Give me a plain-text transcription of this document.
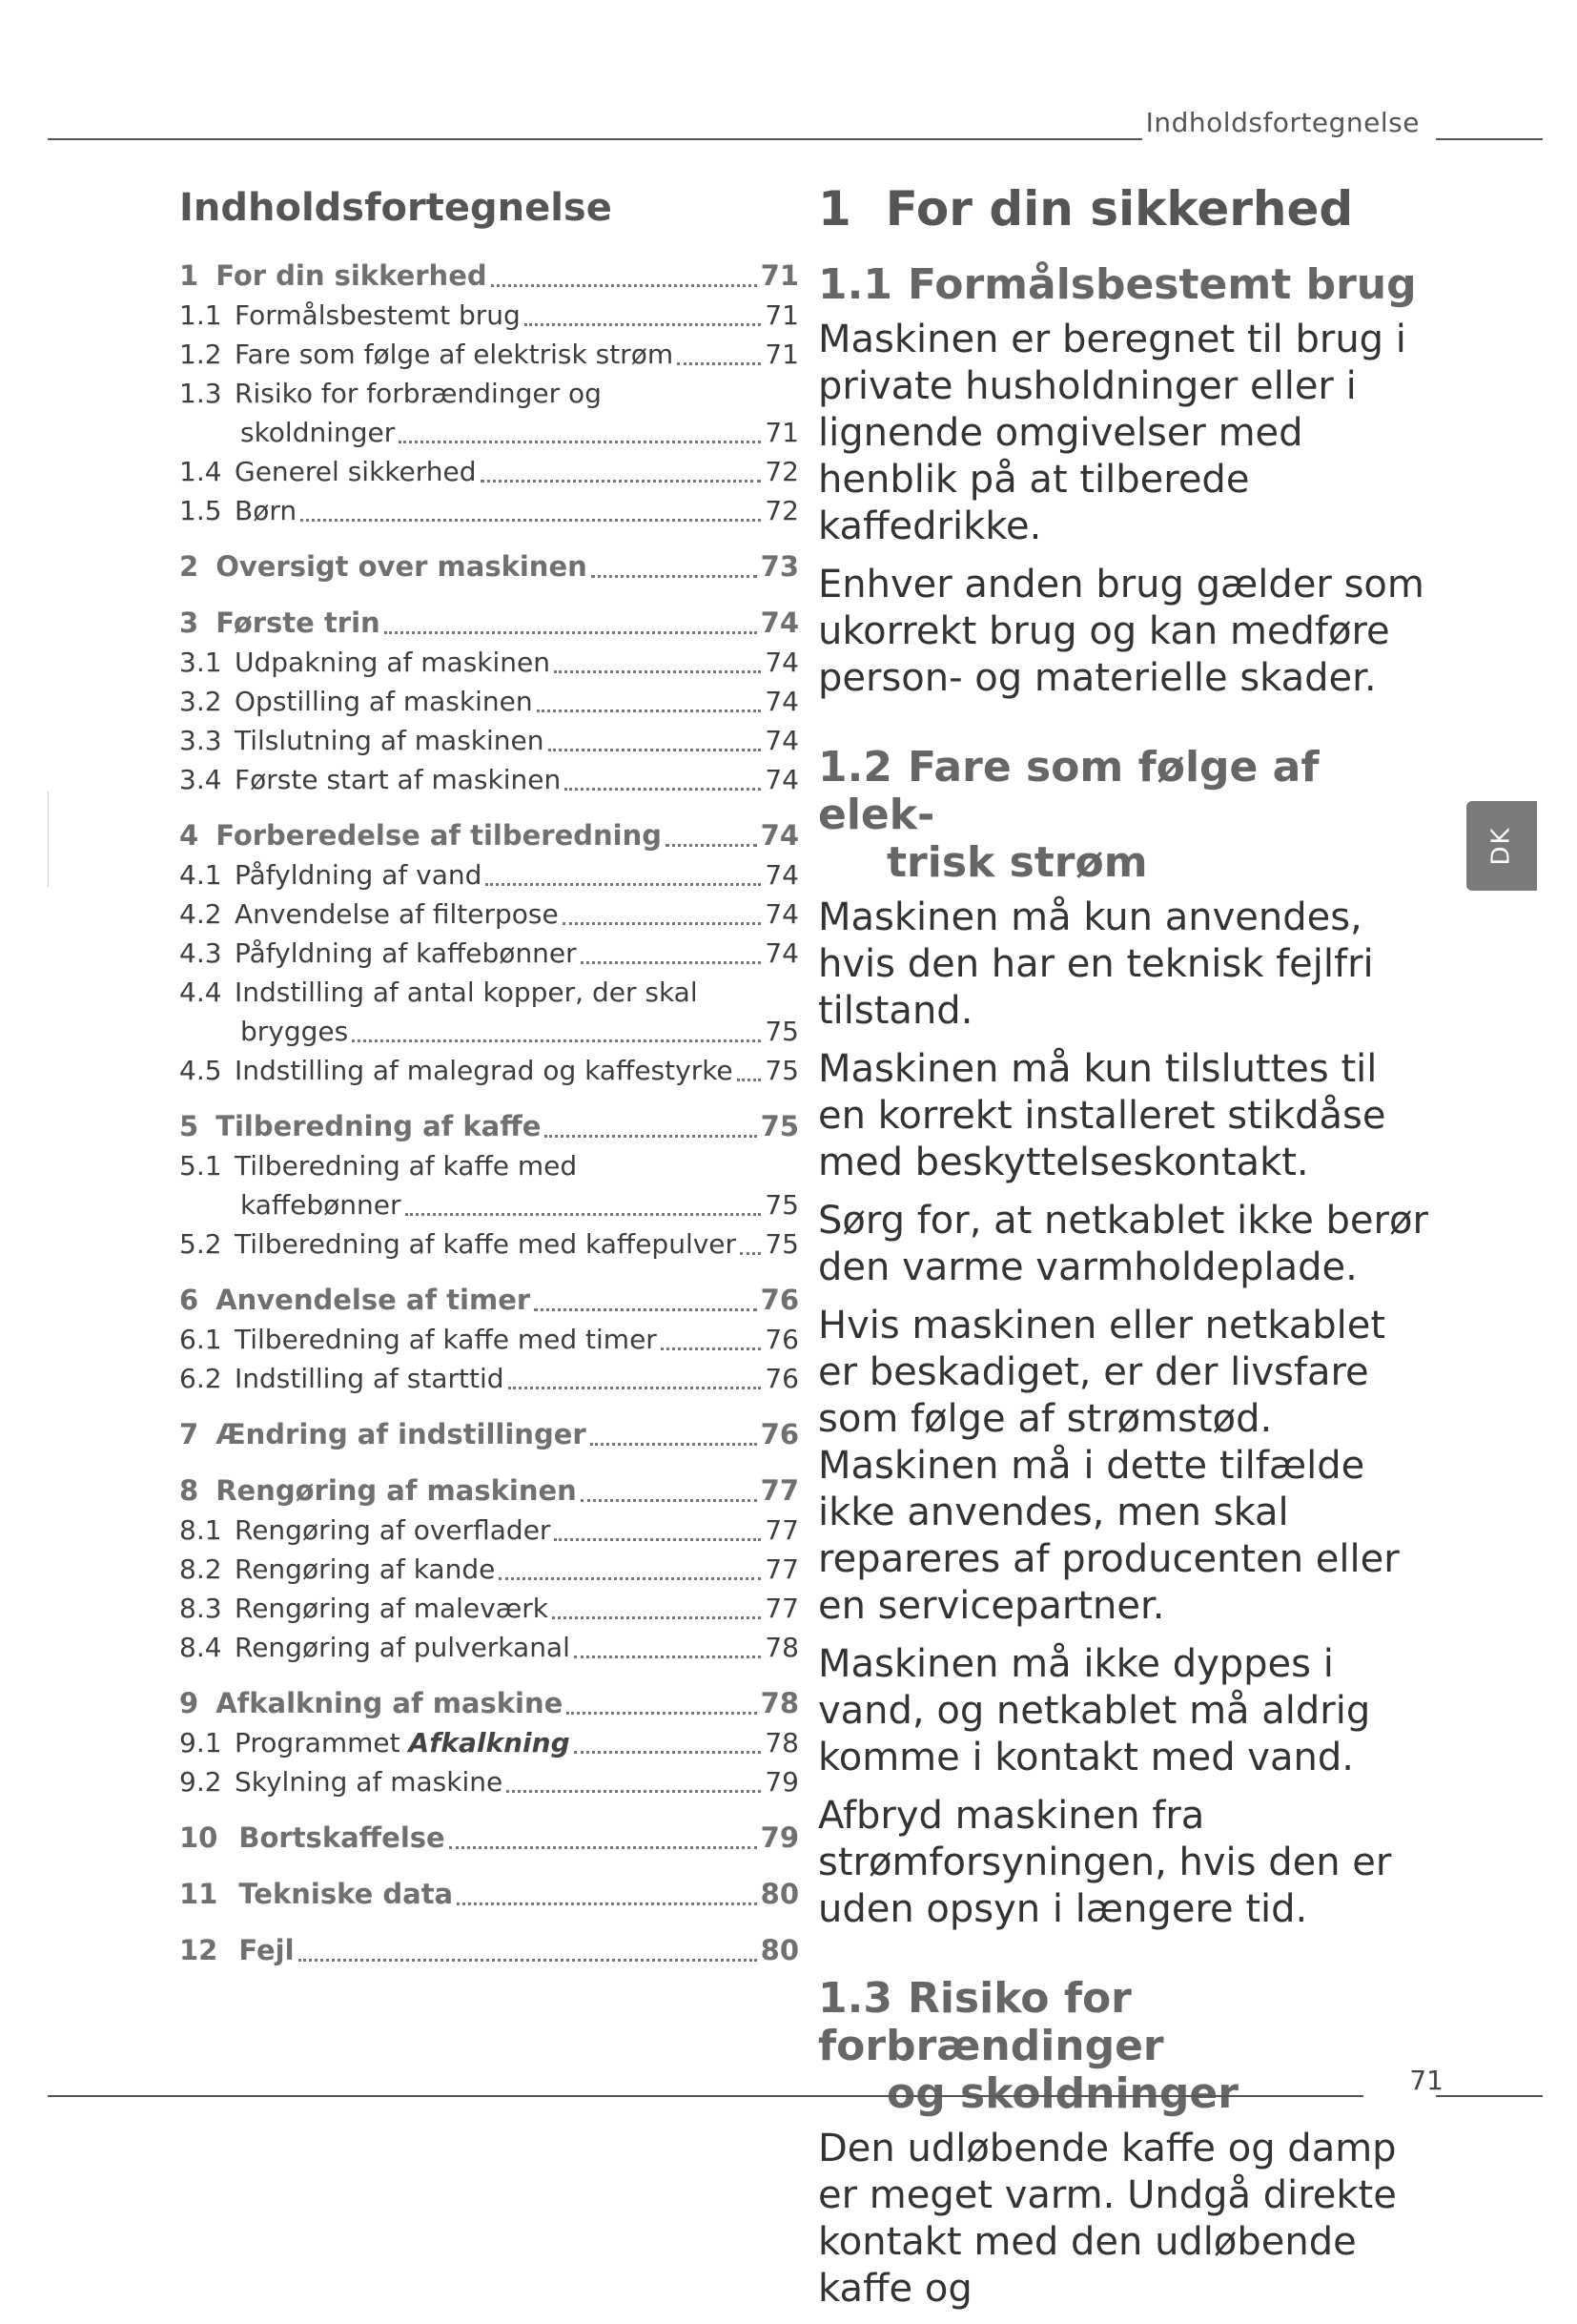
Indholdsfortegnelse
DK
Indholdsfortegnelse
1 For din sikkerhed	71
1.1 Formålsbestemt brug	71
1.2 Fare som følge af elektrisk strøm	71
1.3 Risiko for forbrændinger og
skoldninger	71
1.4 Generel sikkerhed	72
1.5 Børn	72
2 Oversigt over maskinen	73
3 Første trin	74
3.1 Udpakning af maskinen	74
3.2 Opstilling af maskinen	74
3.3 Tilslutning af maskinen	74
3.4 Første start af maskinen	74
4 Forberedelse af tilberedning	74
4.1 Påfyldning af vand	74
4.2 Anvendelse af filterpose	74
4.3 Påfyldning af kaffebønner	74
4.4 Indstilling af antal kopper, der skal
brygges	75
4.5 Indstilling af malegrad og kaffestyrke 75
5 Tilberedning af kaffe	75
5.1 Tilberedning af kaffe med
kaffebønner	75
5.2 Tilberedning af kaffe med kaffepulver 75
6 Anvendelse af timer	76
6.1 Tilberedning af kaffe med timer	76
6.2 Indstilling af starttid	76
7 Ændring af indstillinger	76
8 Rengøring af maskinen	77
8.1 Rengøring af overflader	77
8.2 Rengøring af kande	77
8.3 Rengøring af maleværk	77
8.4 Rengøring af pulverkanal	78
9 Afkalkning af maskine	78
9.1 Programmet Afkalkning	78
9.2 Skylning af maskine	79
10 Bortskaffelse	79
11 Tekniske data	80
12 Fejl	80
1 For din sikkerhed
1.1 Formålsbestemt brug

Maskinen er beregnet til brug i private husholdninger eller i lignende omgivelser med henblik på at tilberede kaffedrikke.

Enhver anden brug gælder som ukorrekt brug og kan medføre person- og materielle skader.

1.2 Fare som følge af elek-
trisk strøm

Maskinen må kun anvendes, hvis den har en teknisk fejlfri tilstand.

Maskinen må kun tilsluttes til en korrekt installeret stikdåse med beskyttelseskontakt.

Sørg for, at netkablet ikke berør den varme varmholdeplade.

Hvis maskinen eller netkablet er beskadiget, er der livsfare som følge af strømstød. Maskinen må i dette tilfælde ikke anvendes, men skal repareres af producenten eller en servicepartner.

Maskinen må ikke dyppes i vand, og netkablet må aldrig komme i kontakt med vand.

Afbryd maskinen fra strømforsyningen, hvis den er uden opsyn i længere tid.

1.3 Risiko for forbrændinger
og skoldninger

Den udløbende kaffe og damp er meget varm. Undgå direkte kontakt med den udløbende kaffe og

71
